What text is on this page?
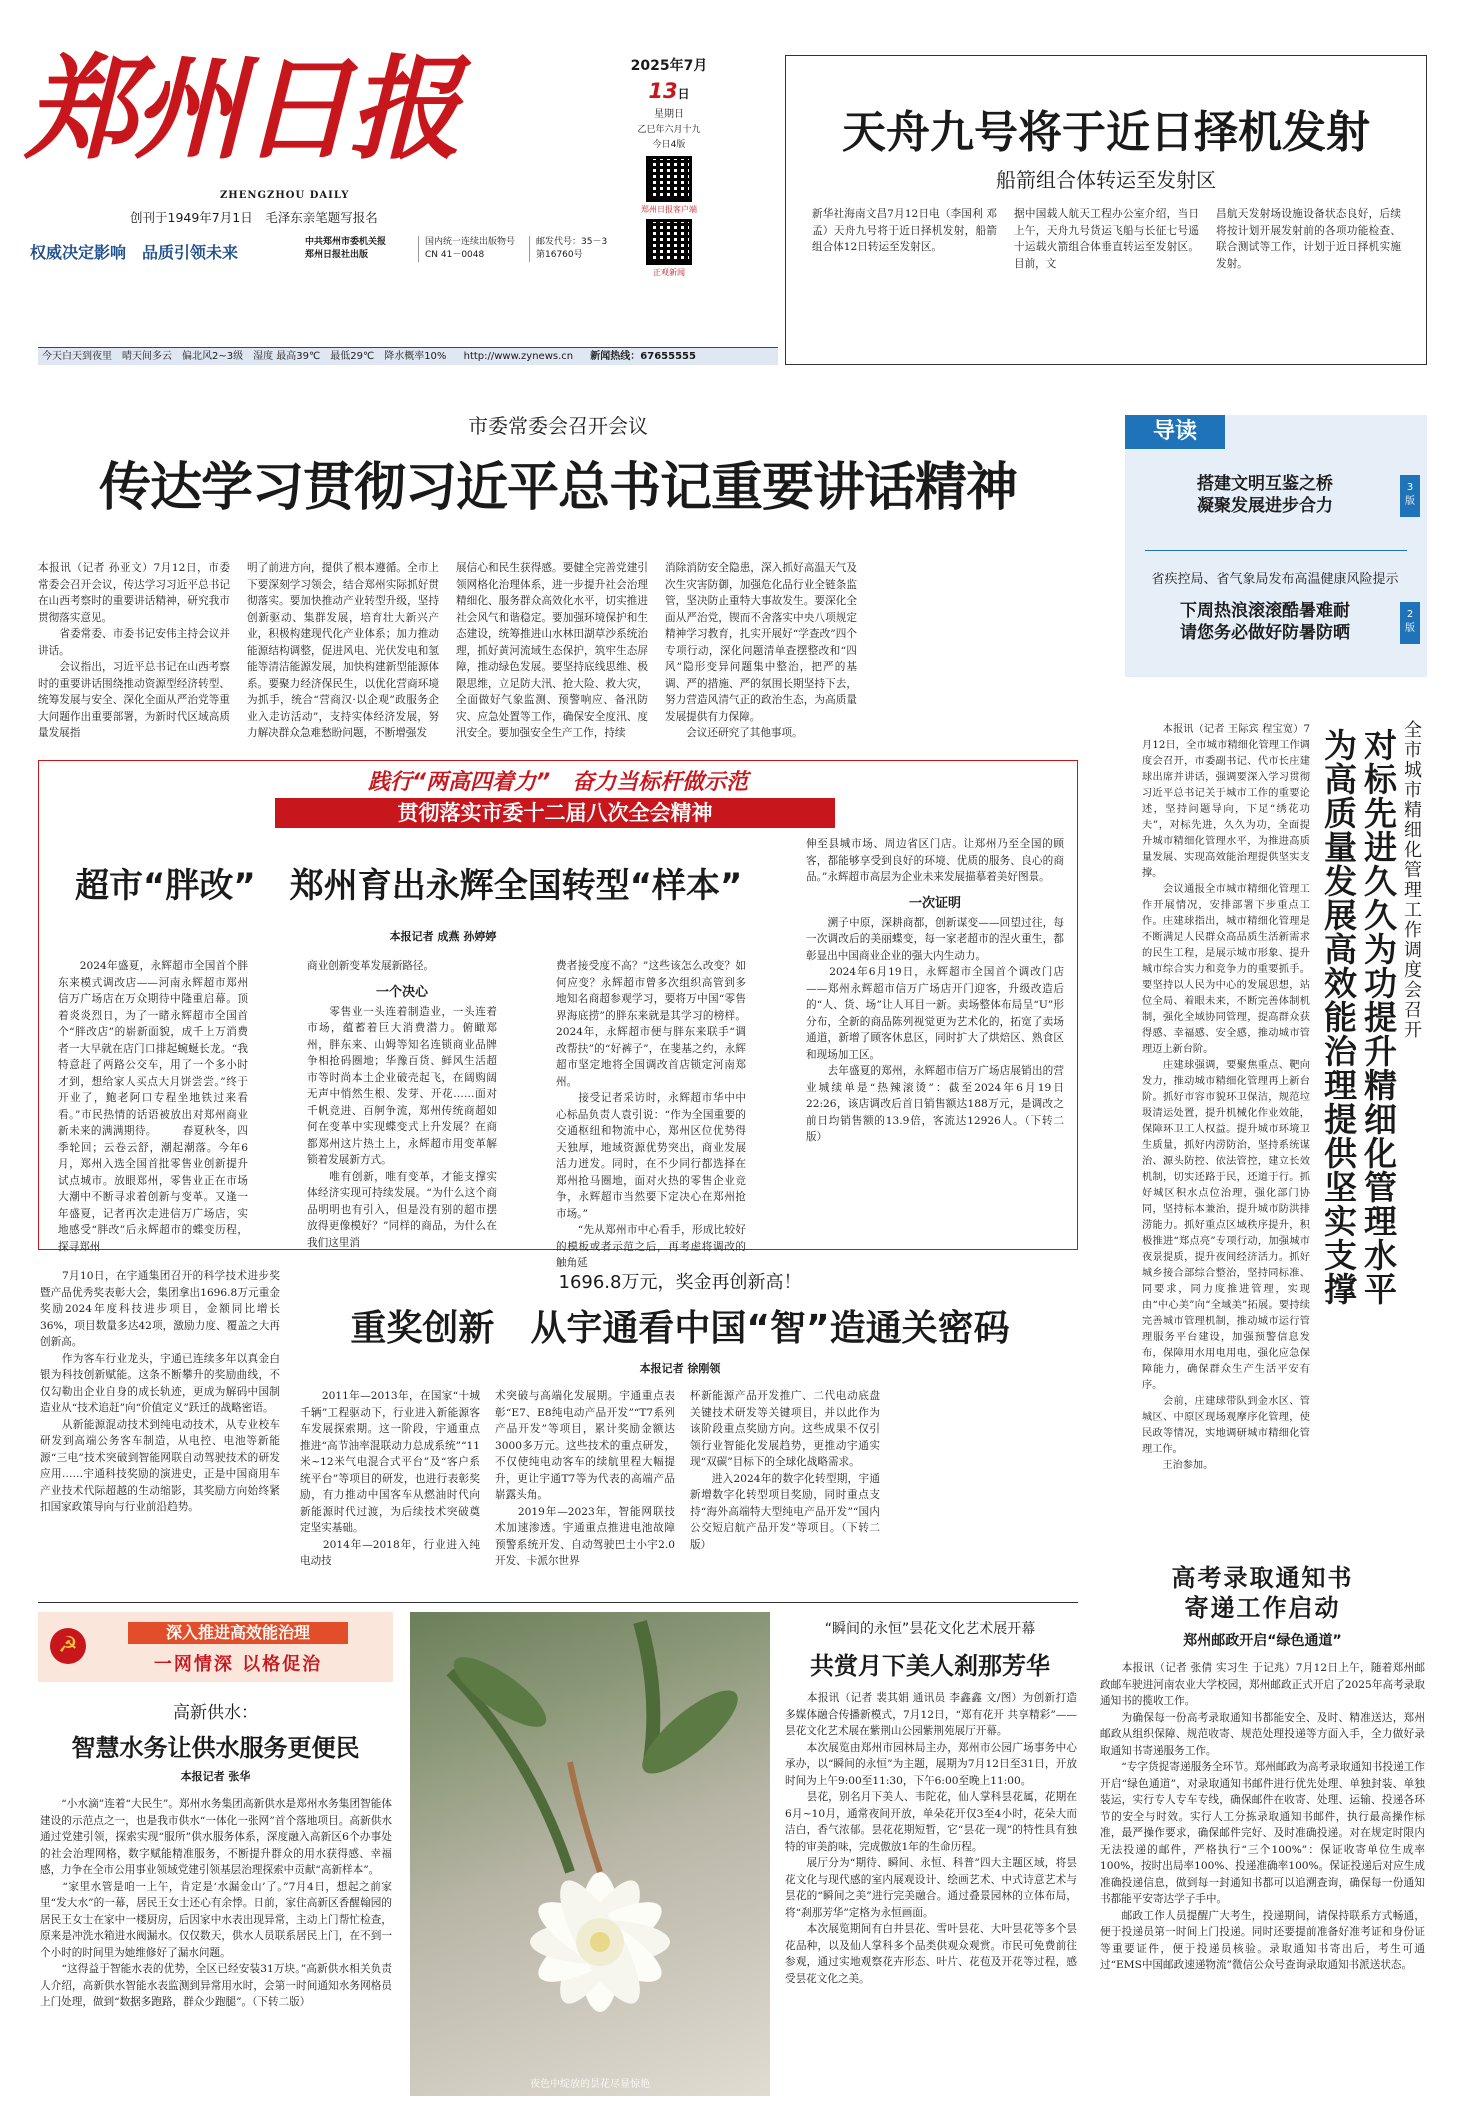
郑州日报
ZHENGZHOU DAILY
创刊于1949年7月1日　毛泽东亲笔题写报名
权威决定影响　品质引领未来
中共郑州市委机关报
郑州日报社出版
国内统一连续出版物号
CN 41－0048
邮发代号：35－3
第16760号
2025年7月
13日
星期日
乙巳年六月十九
今日4版
郑州日报客户端
正观新闻
今天白天到夜里　晴天间多云　偏北风2~3级　湿度 最高39℃　最低29℃　降水概率10% http://www.zynews.cn 新闻热线：67655555
天舟九号将于近日择机发射
船箭组合体转运至发射区
新华社海南文昌7月12日电（李国利 邓孟）天舟九号将于近日择机发射，船箭组合体12日转运至发射区。
据中国载人航天工程办公室介绍，当日上午，天舟九号货运飞船与长征七号遥十运载火箭组合体垂直转运至发射区。目前，文
昌航天发射场设施设备状态良好，后续将按计划开展发射前的各项功能检查、联合测试等工作，计划于近日择机实施发射。
市委常委会召开会议
传达学习贯彻习近平总书记重要讲话精神
本报讯（记者 孙亚文）7月12日，市委常委会召开会议，传达学习习近平总书记在山西考察时的重要讲话精神，研究我市贯彻落实意见。
　　省委常委、市委书记安伟主持会议并讲话。
　　会议指出，习近平总书记在山西考察时的重要讲话围绕推动资源型经济转型、统筹发展与安全、深化全面从严治党等重大问题作出重要部署，为新时代区域高质量发展指
明了前进方向，提供了根本遵循。全市上下要深刻学习领会，结合郑州实际抓好贯彻落实。要加快推动产业转型升级，坚持创新驱动、集群发展，培育壮大新兴产业，积极构建现代化产业体系；加力推动能源结构调整，促进风电、光伏发电和氢能等清洁能源发展，加快构建新型能源体系。要聚力经济保民生，以优化营商环境为抓手，统合“营商汉·以企观”政服务企业入走访活动”，支持实体经济发展，努力解决群众急难愁盼问题，不断增强发
展信心和民生获得感。要健全完善党建引领网格化治理体系，进一步提升社会治理精细化、服务群众高效化水平，切实推进社会风气和谐稳定。要加强环境保护和生态建设，统筹推进山水林田湖草沙系统治理，抓好黄河流域生态保护，筑牢生态屏障，推动绿色发展。要坚持底线思维、极限思维，立足防大汛、抢大险、救大灾，全面做好气象监测、预警响应、备汛防灾、应急处置等工作，确保安全度汛、度汛安全。要加强安全生产工作，持续
消除消防安全隐患，深入抓好高温天气及次生灾害防御，加强危化品行业全链条监管，坚决防止重特大事故发生。要深化全面从严治党，锲而不舍落实中央八项规定精神学习教育，扎实开展好“学查改”四个专项行动，深化问题清单查摆整改和“四风”隐形变异问题集中整治，把严的基调、严的措施、严的氛围长期坚持下去，努力营造风清气正的政治生态，为高质量发展提供有力保障。
　　会议还研究了其他事项。
导读
搭建文明互鉴之桥
凝聚发展进步合力
3
版
省疾控局、省气象局发布高温健康风险提示
下周热浪滚滚酷暑难耐
请您务必做好防暑防晒
2
版
全市城市精细化管理工作调度会召开
对标先进久久为功提升精细化管理水平
为高质量发展高效能治理提供坚实支撑
　　本报讯（记者 王际宾 程宝宽）7月12日，全市城市精细化管理工作调度会召开，市委副书记、代市长庄建球出席并讲话，强调要深入学习贯彻习近平总书记关于城市工作的重要论述，坚持问题导向，下足“绣花功夫”，对标先进，久久为功，全面提升城市精细化管理水平，为推进高质量发展、实现高效能治理提供坚实支撑。
　　会议通报全市城市精细化管理工作开展情况，安排部署下步重点工作。庄建球指出，城市精细化管理是不断满足人民群众高品质生活新需求的民生工程，是展示城市形象、提升城市综合实力和竞争力的重要抓手。要坚持以人民为中心的发展思想，站位全局、着眼未来，不断完善体制机制，强化全域协同管理，提高群众获得感、幸福感、安全感，推动城市管理迈上新台阶。
　　庄建球强调，要聚焦重点、靶向发力，推动城市精细化管理再上新台阶。抓好市容市貌环卫保洁，规范垃圾清运处置，提升机械化作业效能，保障环卫工人权益。提升城市环境卫生质量，抓好内涝防治，坚持系统谋治、源头防控、依法管控，建立长效机制，切实还路于民，还道于行。抓好城区积水点位治理，强化部门协同，坚持标本兼治，提升城市防洪排涝能力。抓好重点区域秩序提升，积极推进“郑点亮”专项行动，加强城市夜景提质，提升夜间经济活力。抓好城乡接合部综合整治，坚持同标准、同要求，同力度推进管理，实现由“中心美”向“全域美”拓展。要持续完善城市管理机制，推动城市运行管理服务平台建设，加强预警信息发布，保障用水用电用电，强化应急保障能力，确保群众生产生活平安有序。
　　会前，庄建球带队到金水区、管城区、中原区现场观摩序化管理，使民政等情况，实地调研城市精细化管理工作。
　　王治参加。
践行“两高四着力”　奋力当标杆做示范
贯彻落实市委十二届八次全会精神
超市“胖改”　郑州育出永辉全国转型“样本”
本报记者 成燕 孙婷婷
　　2024年盛夏，永辉超市全国首个胖东来模式调改店——河南永辉超市郑州信万广场店在万众期待中隆重启幕。顶着炎炎烈日，为了一睹永辉超市全国首个“胖改店”的崭新面貌，成千上万消费者一大早就在店门口排起蜿蜒长龙。“我特意赶了两路公交车，用了一个多小时才到，想给家人买点大月饼尝尝。”终于开业了，鲍老阿口专程坐地铁过来看看。”市民热情的话语被放出对郑州商业新未来的满满期待。 　　春夏秋冬，四季轮回；云卷云舒，潮起潮落。今年6月，郑州入选全国首批零售业创新提升试点城市。放眼郑州，零售业正在市场大潮中不断寻求着创新与变革。又逢一年盛夏，记者再次走进信万广场店，实地感受“胖改”后永辉超市的蝶变历程，探寻郑州
商业创新变革发展新路径。
一个决心
　　零售业一头连着制造业，一头连着市场，蕴蓄着巨大消费潜力。俯瞰郑州，胖东来、山姆等知名连锁商业品牌争相抢码圈地；华豫百货、鲜风生活超市等时尚本土企业破壳起飞，在阔购阔无声中悄然生根、发芽、开花……面对千帆竞进、百舸争流，郑州传统商超如何在变革中实现蝶变式上升发展？在商都郑州这片热土上，永辉超市用变革解锁着发展新方式。
　　唯有创新，唯有变革，才能支撑实体经济实现可持续发展。“为什么这个商品明明也有引入，但是没有别的超市摆放得更像模好？”同样的商品，为什么在我们这里消
费者接受度不高？”这些该怎么改变？如何应变？永辉超市曾多次组织高管到多地知名商超参观学习，要将万中国“零售界海底捞”的胖东来就是其学习的榜样。2024年，永辉超市便与胖东来联手“调改帮扶”的“好裤子”，在斐基之约，永辉超市坚定地将全国调改首店锁定河南郑州。
　　接受记者采访时，永辉超市华中中心标品负责人袁引说：“作为全国重要的交通枢纽和物流中心，郑州区位优势得天独厚，地域资源优势突出，商业发展活力迸发。同时，在不少同行都选择在郑州抢马圈地，面对火热的零售企业竞争，永辉超市当然要下定决心在郑州抢市场。”
　　“先从郑州市中心看手，形成比较好的模板或者示范之后，再考虑将调改的触角延
伸至县城市场、周边省区门店。让郑州乃至全国的顾客，都能够享受到良好的环境、优质的服务、良心的商品。”永辉超市高层为企业未来发展描摹着美好图景。
一次证明
　　溯子中原，深耕商都，创新谋变——回望过往，每一次调改后的美丽蝶变，每一家老超市的涅火重生，都彰显出中国商业企业的强大内生动力。
　　2024年6月19日，永辉超市全国首个调改门店——郑州永辉超市信万广场店开门迎客，升级改造后的“人、货、场”让人耳目一新。卖场整体布局呈“U”形分布，全新的商品陈列视觉更为艺术化的，拓宽了卖场通道，新增了顾客休息区，同时扩大了烘焙区、熟食区和现场加工区。
　　去年盛夏的郑州，永辉超市信万广场店展销出的营业城续单是“热辣滚烫”：截至2024年6月19日22:26，该店调改后首日销售额达188万元，是调改之前日均销售额的13.9倍，客流达12926人。（下转二版）
1696.8万元，奖金再创新高！
重奖创新　从宇通看中国“智”造通关密码
本报记者 徐刚领
　　7月10日，在宇通集团召开的科学技术进步奖暨产品优秀奖表彰大会，集团拿出1696.8万元重金奖励2024年度科技进步项目，金额同比增长36%，项目数量多达42项，激励力度、覆盖之大再创新高。
　　作为客车行业龙头，宇通已连续多年以真金白银为科技创新赋能。这条不断攀升的奖励曲线，不仅勾勒出企业自身的成长轨迹，更成为解码中国制造业从“技术追赶”向“价值定义”跃迁的战略密语。
　　从新能源混动技术到纯电动技术，从专业校车研发到高端公务客车制造，从电控、电池等新能源“三电”技术突破到智能网联自动驾驶技术的研发应用……宇通科技奖励的演进史，正是中国商用车产业技术代际超越的生动缩影，其奖励方向始终紧扣国家政策导向与行业前沿趋势。
　　2011年—2013年，在国家“十城千辆”工程驱动下，行业进入新能源客车发展探索期。这一阶段，宇通重点推进“高节油率混联动力总成系统”“11米~12米气电混合式平台”及“客户系统平台”等项目的研发，也进行表彰奖励，有力推动中国客车从燃油时代向新能源时代过渡，为后续技术突破奠定坚实基础。
　　2014年—2018年，行业进入纯电动技
术突破与高端化发展期。宇通重点表彰“E7、E8纯电动产品开发”“T7系列产品开发”等项目，累计奖励金额达3000多万元。这些技术的重点研发，不仅使纯电动客车的续航里程大幅提升，更让宇通T7等为代表的高端产品崭露头角。
　　2019年—2023年，智能网联技术加速渗透。宇通重点推进电池故障预警系统开发、自动驾驶巴士小宇2.0开发、卡派尔世界
杯新能源产品开发推广、二代电动底盘关键技术研发等关键项目，并以此作为该阶段重点奖励方向。这些成果不仅引领行业智能化发展趋势，更推动宇通实现“双碳”目标下的全球化战略需求。
　　进入2024年的数字化转型期，宇通新增数字化转型项目奖励，同时重点支持“海外高端特大型纯电产品开发”“国内公交短启航产品开发”等项目。（下转二版）
☭
深入推进高效能治理
一网情深 以格促治
高新供水：
智慧水务让供水服务更便民
本报记者 张华
　　“小水滴”连着“大民生”。郑州水务集团高新供水是郑州水务集团智能体建设的示范点之一，也是我市供水“一体化一张网”首个落地项目。高新供水通过党建引领，探索实现“服所”供水服务体系，深度融入高新区6个办事处的社会治理网格，数字赋能精准服务，不断提升群众的用水获得感、幸福感，力争在全市公用事业领域党建引领基层治理探索中贡献“高新样本”。
　　“家里水管是咱一上午，肯定是‘水漏金山’了。”7月4日，想起之前家里“发大水”的一幕，居民王女士还心有余悸。日前，家住高新区香醒翰园的居民王女士在家中一楼厨房，后因家中水表出现异常，主动上门帮忙检查，原来是冲洗水箱进水阀漏水。仅仅数天，供水人员联系居民上门，在不到一个小时的时间里为她维修好了漏水问题。
　　“这得益于智能水表的优势，全区已经安装31万块。”高新供水相关负责人介绍，高新供水智能水表监测到异常用水时，会第一时间通知水务网格员上门处理，做到“数据多跑路，群众少跑腿”。（下转二版）
夜色中绽放的昙花尽显惊艳
“瞬间的永恒”昙花文化艺术展开幕
共赏月下美人刹那芳华
　　本报讯（记者 裴其娟 通讯员 李鑫鑫 文/图）为创新打造多媒体融合传播新模式，7月12日，“郑有花开 共享精彩”——昙花文化艺术展在紫荆山公园紫荆苑展厅开幕。
　　本次展览由郑州市园林局主办，郑州市公园广场事务中心承办，以“瞬间的永恒”为主题，展期为7月12日至31日，开放时间为上午9:00至11:30，下午6:00至晚上11:00。
　　昙花，别名月下美人、韦陀花，仙人掌科昙花属，花期在6月~10月，通常夜间开放，单朵花开仅3至4小时，花朵大而洁白，香气浓郁。昙花花期短暂，它“昙花一现”的特性具有独特的审美韵味，完成傲放1年的生命历程。
　　展厅分为“期待、瞬间、永恒、科普”四大主题区域，将昙花文化与现代感的室内展观设计、绘画艺术、中式诗意艺术与昙花的“瞬间之美”进行完美融合。通过叠景园林的立体布局，将“刹那芳华”定格为永恒画面。
　　本次展览期间有白井昙花、雪叶昙花、大叶昙花等多个昙花品种，以及仙人掌科多个品类供观众观赏。市民可免费前往参观，通过实地观察花卉形态、叶片、花苞及开花等过程，感受昙花文化之美。
高考录取通知书
寄递工作启动
郑州邮政开启“绿色通道”
　　本报讯（记者 张倩 实习生 于记兆）7月12日上午，随着郑州邮政邮车驶进河南农业大学校园，郑州邮政正式开启了2025年高考录取通知书的揽收工作。
　　为确保每一份高考录取通知书都能安全、及时、精准送达，郑州邮政从组织保障、规范收寄、规范处理投递等方面入手，全力做好录取通知书寄递服务工作。
　　“专字货捉寄递服务全环节。郑州邮政为高考录取通知书投递工作开启“绿色通道”，对录取通知书邮件进行优先处理、单独封装、单独装运，实行专人专车专线，确保邮件在收寄、处理、运输、投递各环节的安全与时效。实行人工分拣录取通知书邮件，执行最高操作标准，最严操作要求，确保邮件完好、及时准确投递。对在规定时限内无法投递的邮件，严格执行“三个100%”：保证收寄单位生成率100%，按时出局率100%、投递准确率100%。保证投递后对应生成准确投递信息，做到每一封通知书都可以追溯查询，确保每一份通知书都能平安寄达学子手中。
　　邮政工作人员提醒广大考生，投递期间，请保持联系方式畅通，便于投递员第一时间上门投递。同时还要提前准备好准考证和身份证等重要证件，便于投递员核验。录取通知书寄出后，考生可通过“EMS中国邮政速递物流”微信公众号查询录取通知书派送状态。
